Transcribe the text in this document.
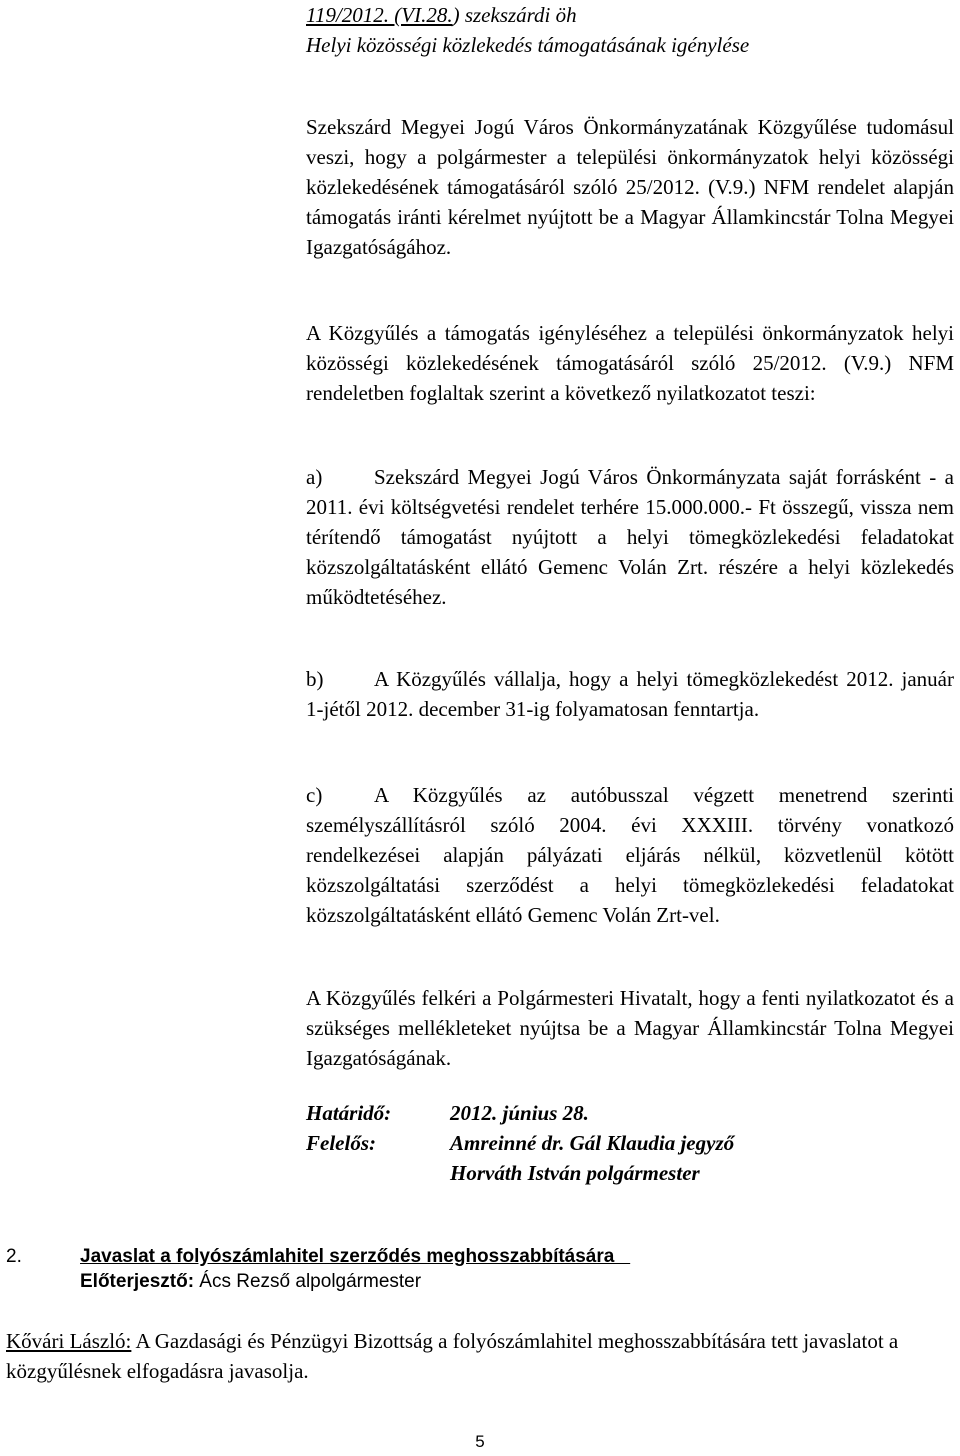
119/2012. (VI.28.) szekszárdi öh
Helyi közösségi közlekedés támogatásának igénylése

Szekszárd Megyei Jogú Város Önkormányzatának Közgyűlése tudomásul veszi, hogy a polgármester a települési önkormányzatok helyi közösségi közlekedésének támogatásáról szóló 25/2012. (V.9.) NFM rendelet alapján támogatás iránti kérelmet nyújtott be a Magyar Államkincstár Tolna Megyei Igazgatóságához.

A Közgyűlés a támogatás igényléséhez a települési önkormányzatok helyi közösségi közlekedésének támogatásáról szóló 25/2012. (V.9.) NFM rendeletben foglaltak szerint a következő nyilatkozatot teszi:

a) Szekszárd Megyei Jogú Város Önkormányzata saját forrásként - a 2011. évi költségvetési rendelet terhére 15.000.000.- Ft összegű, vissza nem térítendő támogatást nyújtott a helyi tömegközlekedési feladatokat közszolgáltatásként ellátó Gemenc Volán Zrt. részére a helyi közlekedés működtetéséhez.

b) A Közgyűlés vállalja, hogy a helyi tömegközlekedést 2012. január 1-jétől 2012. december 31-ig folyamatosan fenntartja.

c) A Közgyűlés az autóbusszal végzett menetrend szerinti személyszállításról szóló 2004. évi XXXIII. törvény vonatkozó rendelkezései alapján pályázati eljárás nélkül, közvetlenül kötött közszolgáltatási szerződést a helyi tömegközlekedési feladatokat közszolgáltatásként ellátó Gemenc Volán Zrt-vel.

A Közgyűlés felkéri a Polgármesteri Hivatalt, hogy a fenti nyilatkozatot és a szükséges mellékleteket nyújtsa be a Magyar Államkincstár Tolna Megyei Igazgatóságának.

Határidő:	2012. június 28.
Felelős:	Amreinné dr. Gál Klaudia jegyző
Horváth István polgármester
2.	Javaslat a folyószámlahitel szerződés meghosszabbítására
Előterjesztő: Ács Rezső alpolgármester

Kővári László: A Gazdasági és Pénzügyi Bizottság a folyószámlahitel meghosszabbítására tett javaslatot a közgyűlésnek elfogadásra javasolja.

5
